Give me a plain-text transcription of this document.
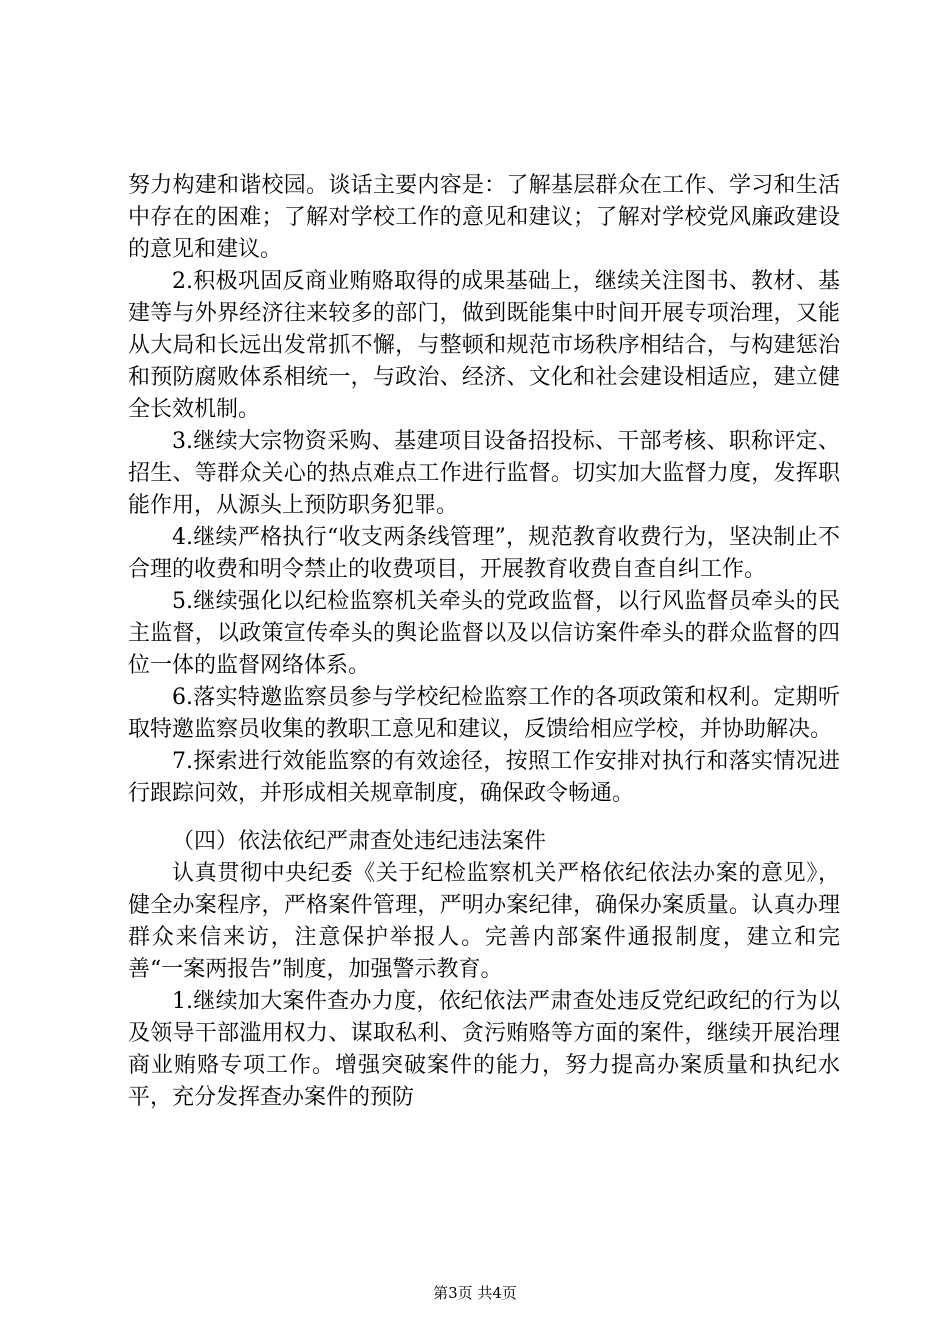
努力构建和谐校园。谈话主要内容是：了解基层群众在工作、学习和生活中存在的困难；了解对学校工作的意见和建议；了解对学校党风廉政建设的意见和建议。

2.积极巩固反商业贿赂取得的成果基础上，继续关注图书、教材、基建等与外界经济往来较多的部门，做到既能集中时间开展专项治理，又能从大局和长远出发常抓不懈，与整顿和规范市场秩序相结合，与构建惩治和预防腐败体系相统一，与政治、经济、文化和社会建设相适应，建立健全长效机制。

3.继续大宗物资采购、基建项目设备招投标、干部考核、职称评定、招生、等群众关心的热点难点工作进行监督。切实加大监督力度，发挥职能作用，从源头上预防职务犯罪。

4.继续严格执行“收支两条线管理”，规范教育收费行为，坚决制止不合理的收费和明令禁止的收费项目，开展教育收费自查自纠工作。

5.继续强化以纪检监察机关牵头的党政监督，以行风监督员牵头的民主监督，以政策宣传牵头的舆论监督以及以信访案件牵头的群众监督的四位一体的监督网络体系。

6.落实特邀监察员参与学校纪检监察工作的各项政策和权利。定期听取特邀监察员收集的教职工意见和建议，反馈给相应学校，并协助解决。

7.探索进行效能监察的有效途径，按照工作安排对执行和落实情况进行跟踪问效，并形成相关规章制度，确保政令畅通。

（四）依法依纪严肃查处违纪违法案件

认真贯彻中央纪委《关于纪检监察机关严格依纪依法办案的意见》，健全办案程序，严格案件管理，严明办案纪律，确保办案质量。认真办理群众来信来访，注意保护举报人。完善内部案件通报制度，建立和完善“一案两报告”制度，加强警示教育。

1.继续加大案件查办力度，依纪依法严肃查处违反党纪政纪的行为以及领导干部滥用权力、谋取私利、贪污贿赂等方面的案件，继续开展治理商业贿赂专项工作。增强突破案件的能力，努力提高办案质量和执纪水平，充分发挥查办案件的预防

第3页 共4页
